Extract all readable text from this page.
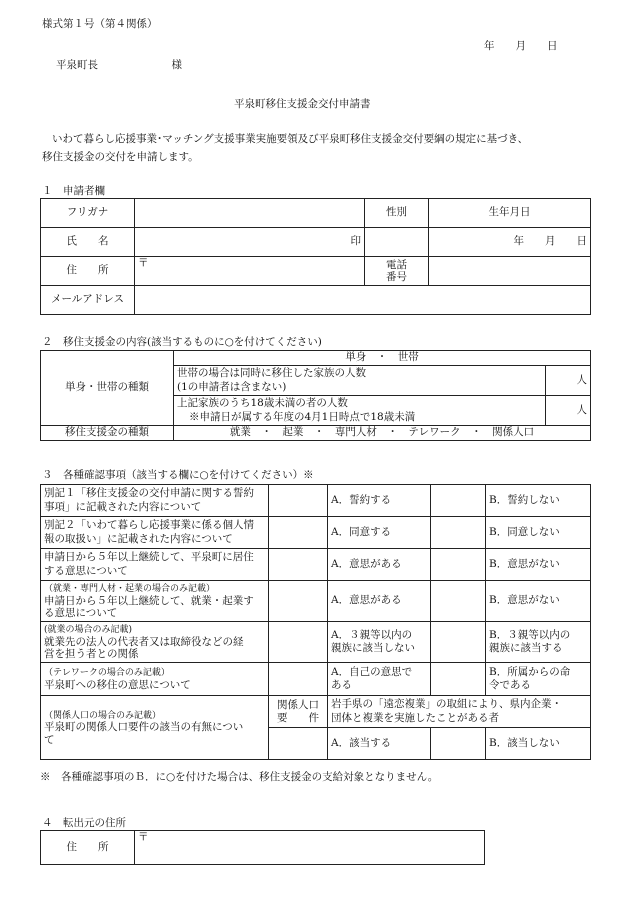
様式第１号（第４関係）
年　　月　　日
平泉町長　　　　　　　様
平泉町移住支援金交付申請書
いわて暮らし応援事業･マッチング支援事業実施要領及び平泉町移住支援金交付要綱の規定に基づき、
移住支援金の交付を申請します。
１　申請者欄
フリガナ		性別	生年月日
氏　　名	印		年　　月　　日
住　　所	〒	電話
番号	
メールアドレス			
２　移住支援金の内容(該当するものに○を付けてください)
単身・世帯の種類	単身　・　世帯	
	世帯の場合は同時に移住した家族の人数
(1の申請者は含まない)	人
	上記家族のうち18歳未満の者の人数
※申請日が属する年度の4月1日時点で18歳未満	人
移住支援金の種類	就業　・　起業　・　専門人材　・　テレワーク　・　関係人口	
３　各種確認事項（該当する欄に○を付けてください）※
別記１「移住支援金の交付申請に関する誓約
事項」に記載された内容について		A．誓約する		B．誓約しない
別記２「いわて暮らし応援事業に係る個人情
報の取扱い」に記載された内容について		A．同意する		B．同意しない
申請日から５年以上継続して、平泉町に居住
する意思について		A．意思がある		B．意思がない
（就業・専門人材・起業の場合のみ記載）
申請日から５年以上継続して、就業・起業す
る意思について		A．意思がある		B．意思がない
(就業の場合のみ記載)
就業先の法人の代表者又は取締役などの経
営を担う者との関係		A．３親等以内の
親族に該当しない		B．３親等以内の
親族に該当する
（テレワークの場合のみ記載）
平泉町への移住の意思について		A．自己の意思で
ある		B．所属からの命
令である
（関係人口の場合のみ記載）
平泉町の関係人口要件の該当の有無につい
て	関係人口
要　　件	岩手県の「遠恋複業」の取組により、県内企業・
団体と複業を実施したことがある者		
		A．該当する		B．該当しない
※　各種確認事項のＢ．に○を付けた場合は、移住支援金の支給対象となりません。
４　転出元の住所
住　　所	〒
